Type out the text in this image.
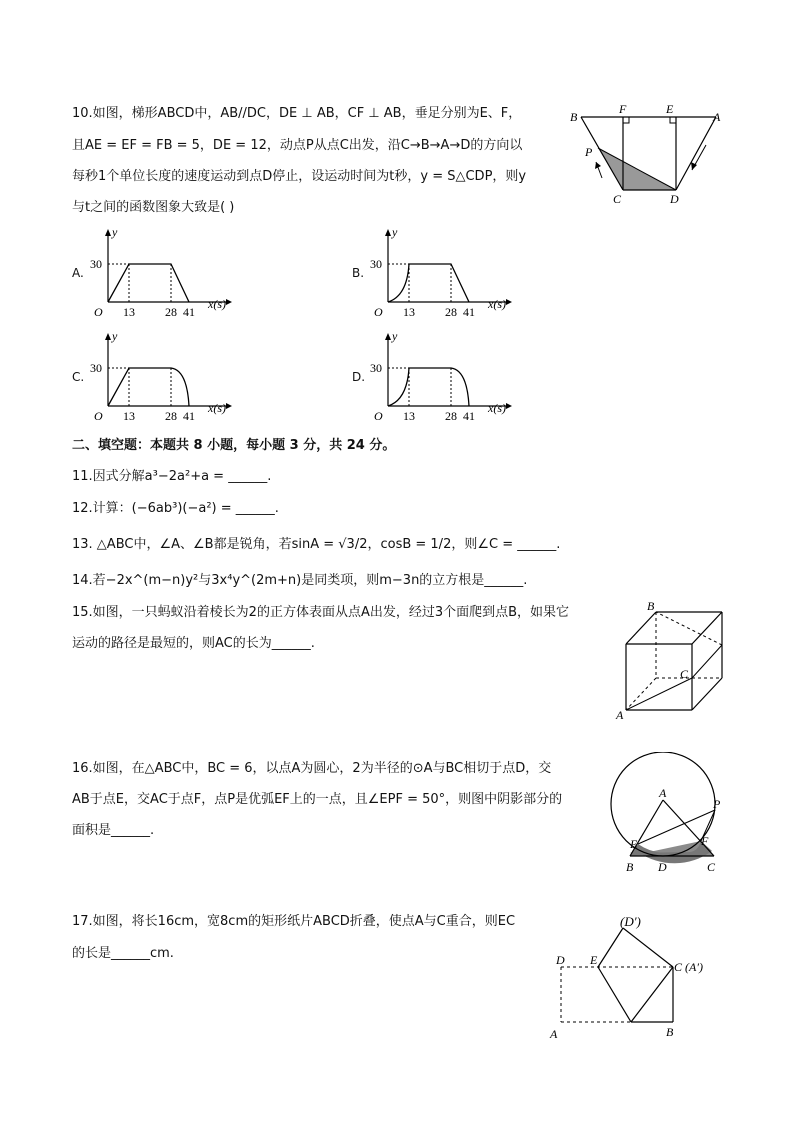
10.如图，梯形ABCD中，AB//DC，DE ⊥ AB，CF ⊥ AB，垂足分别为E、F，
且AE = EF = FB = 5，DE = 12，动点P从点C出发，沿C→B→A→D的方向以
每秒1个单位长度的速度运动到点D停止，设运动时间为t秒，y = S△CDP，则y
与t之间的函数图象大致是( )
F	E
B	A
P
C	D
A.
y
O
30
13	28 41
x(s)
B.
y
O
30
13	28 41
x(s)
C.
y
O
30
13	28 41
x(s)
D.
y
O
30
13	28 41
x(s)
二、填空题：本题共 8 小题，每小题 3 分，共 24 分。
11.因式分解a³−2a²+a = ______.
12.计算：(−6ab³)(−a²) = ______.
13. △ABC中，∠A、∠B都是锐角，若sinA = √3/2，cosB = 1/2，则∠C = ______.
14.若−2x^(m−n)y²与3x⁴y^(2m+n)是同类项，则m−3n的立方根是______.
15.如图，一只蚂蚁沿着棱长为2的正方体表面从点A出发，经过3个面爬到点B，如果它
运动的路径是最短的，则AC的长为______.
B
C
A
16.如图，在△ABC中，BC = 6，以点A为圆心，2为半径的⊙A与BC相切于点D，交
AB于点E，交AC于点F，点P是优弧EF上的一点，且∠EPF = 50°，则图中阴影部分的
面积是______.
A
P
E	F
B D	C
17.如图，将长16cm，宽8cm的矩形纸片ABCD折叠，使点A与C重合，则EC
的长是______cm.
(D′)
D E	C (A′)
A	B
